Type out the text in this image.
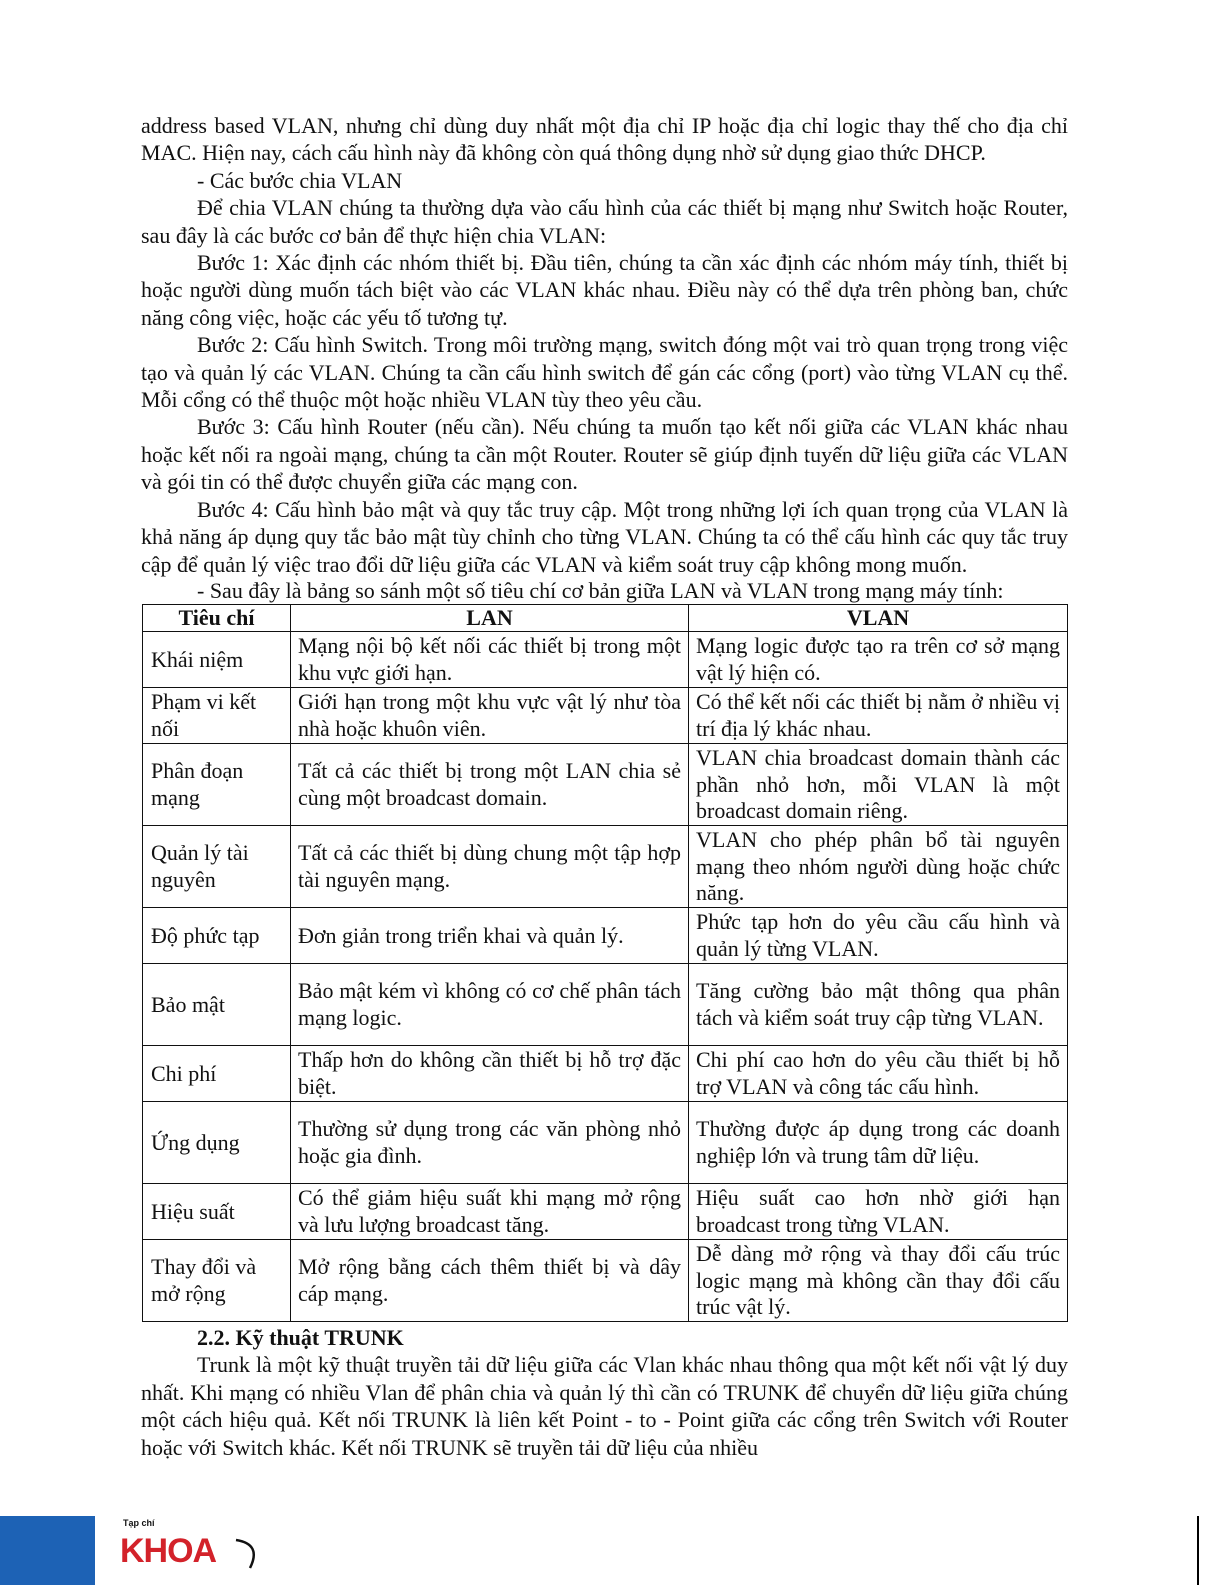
address based VLAN, nhưng chỉ dùng duy nhất một địa chỉ IP hoặc địa chỉ logic thay thế cho địa chỉ MAC. Hiện nay, cách cấu hình này đã không còn quá thông dụng nhờ sử dụng giao thức DHCP.

- Các bước chia VLAN

Để chia VLAN chúng ta thường dựa vào cấu hình của các thiết bị mạng như Switch hoặc Router, sau đây là các bước cơ bản để thực hiện chia VLAN:

Bước 1: Xác định các nhóm thiết bị. Đầu tiên, chúng ta cần xác định các nhóm máy tính, thiết bị hoặc người dùng muốn tách biệt vào các VLAN khác nhau. Điều này có thể dựa trên phòng ban, chức năng công việc, hoặc các yếu tố tương tự.

Bước 2: Cấu hình Switch. Trong môi trường mạng, switch đóng một vai trò quan trọng trong việc tạo và quản lý các VLAN. Chúng ta cần cấu hình switch để gán các cổng (port) vào từng VLAN cụ thể. Mỗi cổng có thể thuộc một hoặc nhiều VLAN tùy theo yêu cầu.

Bước 3: Cấu hình Router (nếu cần). Nếu chúng ta muốn tạo kết nối giữa các VLAN khác nhau hoặc kết nối ra ngoài mạng, chúng ta cần một Router. Router sẽ giúp định tuyến dữ liệu giữa các VLAN và gói tin có thể được chuyển giữa các mạng con.

Bước 4: Cấu hình bảo mật và quy tắc truy cập. Một trong những lợi ích quan trọng của VLAN là khả năng áp dụng quy tắc bảo mật tùy chỉnh cho từng VLAN. Chúng ta có thể cấu hình các quy tắc truy cập để quản lý việc trao đổi dữ liệu giữa các VLAN và kiểm soát truy cập không mong muốn.

- Sau đây là bảng so sánh một số tiêu chí cơ bản giữa LAN và VLAN trong mạng máy tính:

Tiêu chí	LAN	VLAN
Khái niệm	Mạng nội bộ kết nối các thiết bị trong một khu vực giới hạn.	Mạng logic được tạo ra trên cơ sở mạng vật lý hiện có.
Phạm vi kết nối	Giới hạn trong một khu vực vật lý như tòa nhà hoặc khuôn viên.	Có thể kết nối các thiết bị nằm ở nhiều vị trí địa lý khác nhau.
Phân đoạn mạng	Tất cả các thiết bị trong một LAN chia sẻ cùng một broadcast domain.	VLAN chia broadcast domain thành các phần nhỏ hơn, mỗi VLAN là một broadcast domain riêng.
Quản lý tài nguyên	Tất cả các thiết bị dùng chung một tập hợp tài nguyên mạng.	VLAN cho phép phân bổ tài nguyên mạng theo nhóm người dùng hoặc chức năng.
Độ phức tạp	Đơn giản trong triển khai và quản lý.	Phức tạp hơn do yêu cầu cấu hình và quản lý từng VLAN.
Bảo mật	Bảo mật kém vì không có cơ chế phân tách mạng logic.	Tăng cường bảo mật thông qua phân tách và kiểm soát truy cập từng VLAN.
Chi phí	Thấp hơn do không cần thiết bị hỗ trợ đặc biệt.	Chi phí cao hơn do yêu cầu thiết bị hỗ trợ VLAN và công tác cấu hình.
Ứng dụng	Thường sử dụng trong các văn phòng nhỏ hoặc gia đình.	Thường được áp dụng trong các doanh nghiệp lớn và trung tâm dữ liệu.
Hiệu suất	Có thể giảm hiệu suất khi mạng mở rộng và lưu lượng broadcast tăng.	Hiệu suất cao hơn nhờ giới hạn broadcast trong từng VLAN.
Thay đổi và mở rộng	Mở rộng bằng cách thêm thiết bị và dây cáp mạng.	Dễ dàng mở rộng và thay đổi cấu trúc logic mạng mà không cần thay đổi cấu trúc vật lý.

2.2. Kỹ thuật TRUNK

Trunk là một kỹ thuật truyền tải dữ liệu giữa các Vlan khác nhau thông qua một kết nối vật lý duy nhất. Khi mạng có nhiều Vlan để phân chia và quản lý thì cần có TRUNK để chuyển dữ liệu giữa chúng một cách hiệu quả. Kết nối TRUNK là liên kết Point - to - Point giữa các cổng trên Switch với Router hoặc với Switch khác. Kết nối TRUNK sẽ truyền tải dữ liệu của nhiều

Tạp chí
KHOA
